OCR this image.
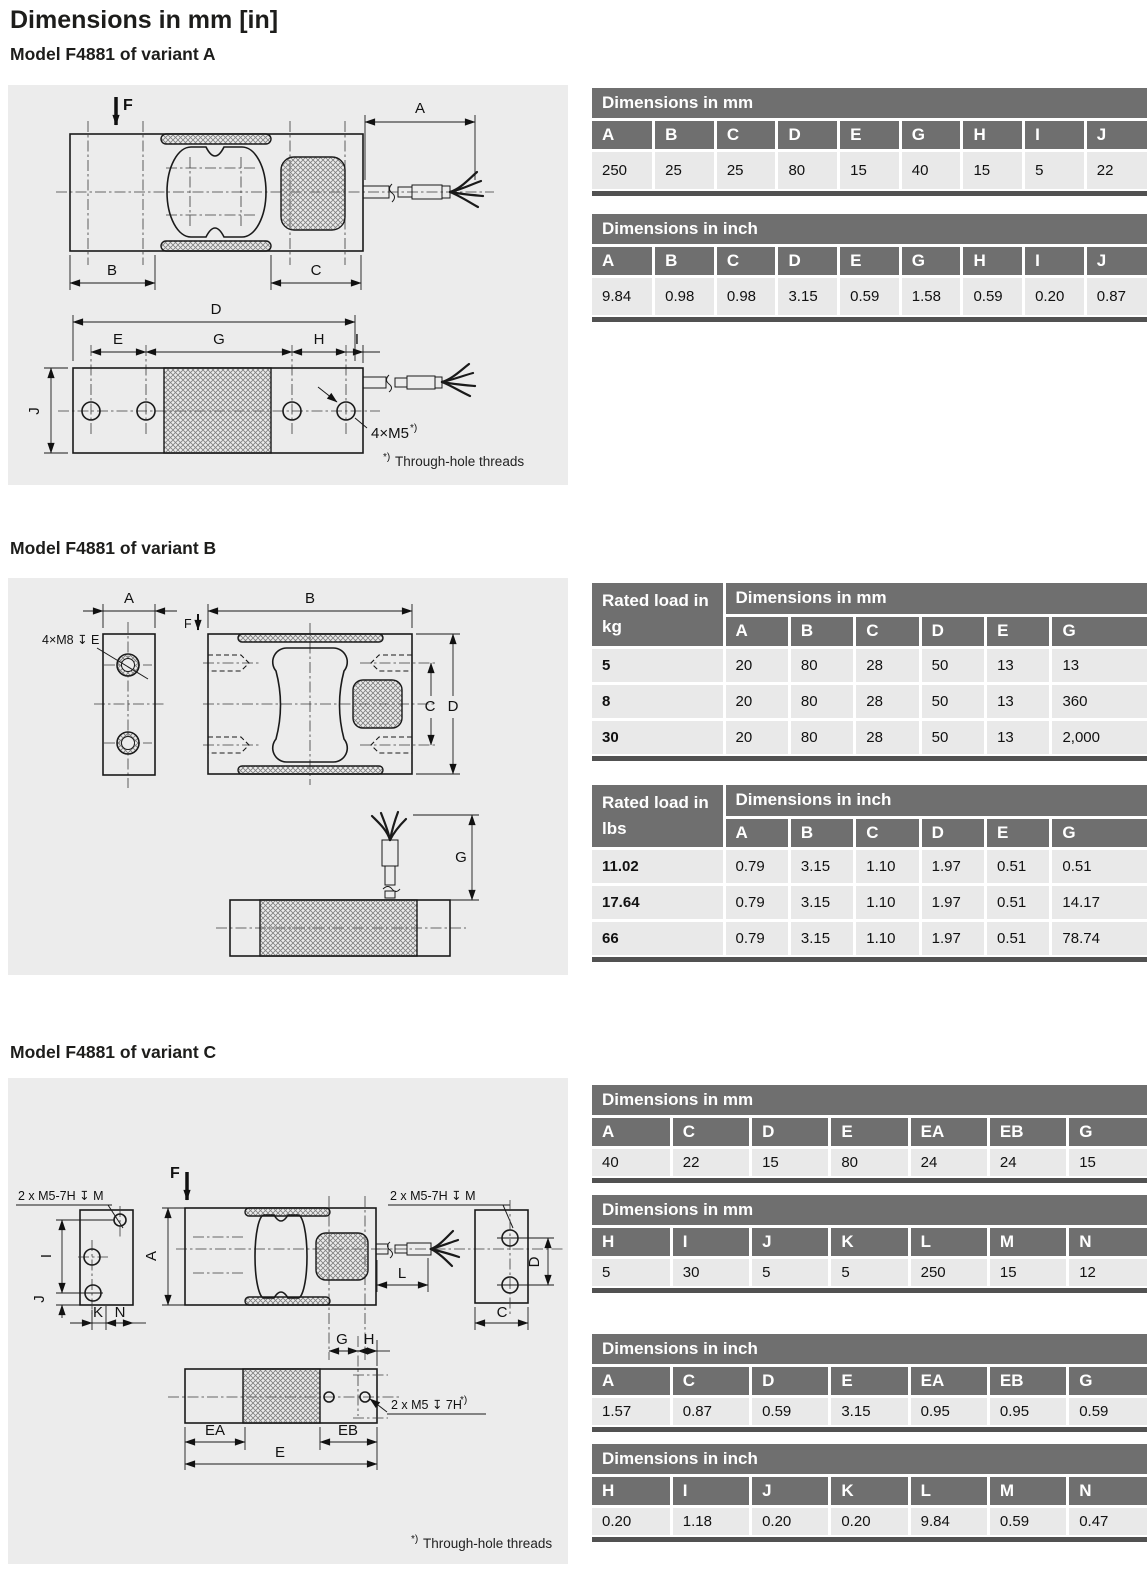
Dimensions in mm [in]
Model F4881 of variant A
Model F4881 of variant B
Model F4881 of variant C
F	A
B	C
J
D
E	G	H I
4×M5 *)
*) Through-hole threads
A
4×M8 ↧ E
F
B
C D
G
2 x M5-7H ↧ M
I
J
K N
F
A
L
2 x M5-7H ↧ M
D
C
G H
2 x M5 ↧ 7H
*)
EA	EB
E
*) Through-hole threads
Dimensions in mm								
A	B	C	D	E	G	H	I	J
250	25	25	80	15	40	15	5	22
Dimensions in inch								
A	B	C	D	E	G	H	I	J
9.84	0.98	0.98	3.15	0.59	1.58	0.59	0.20	0.87
Rated load in kg	Dimensions in mm					
	A	B	C	D	E	G
5	20	80	28	50	13	13
8	20	80	28	50	13	360
30	20	80	28	50	13	2,000
Rated load in lbs	Dimensions in inch					
	A	B	C	D	E	G
11.02	0.79	3.15	1.10	1.97	0.51	0.51
17.64	0.79	3.15	1.10	1.97	0.51	14.17
66	0.79	3.15	1.10	1.97	0.51	78.74
Dimensions in mm						
A	C	D	E	EA	EB	G
40	22	15	80	24	24	15
Dimensions in mm						
H	I	J	K	L	M	N
5	30	5	5	250	15	12
Dimensions in inch						
A	C	D	E	EA	EB	G
1.57	0.87	0.59	3.15	0.95	0.95	0.59
Dimensions in inch						
H	I	J	K	L	M	N
0.20	1.18	0.20	0.20	9.84	0.59	0.47
